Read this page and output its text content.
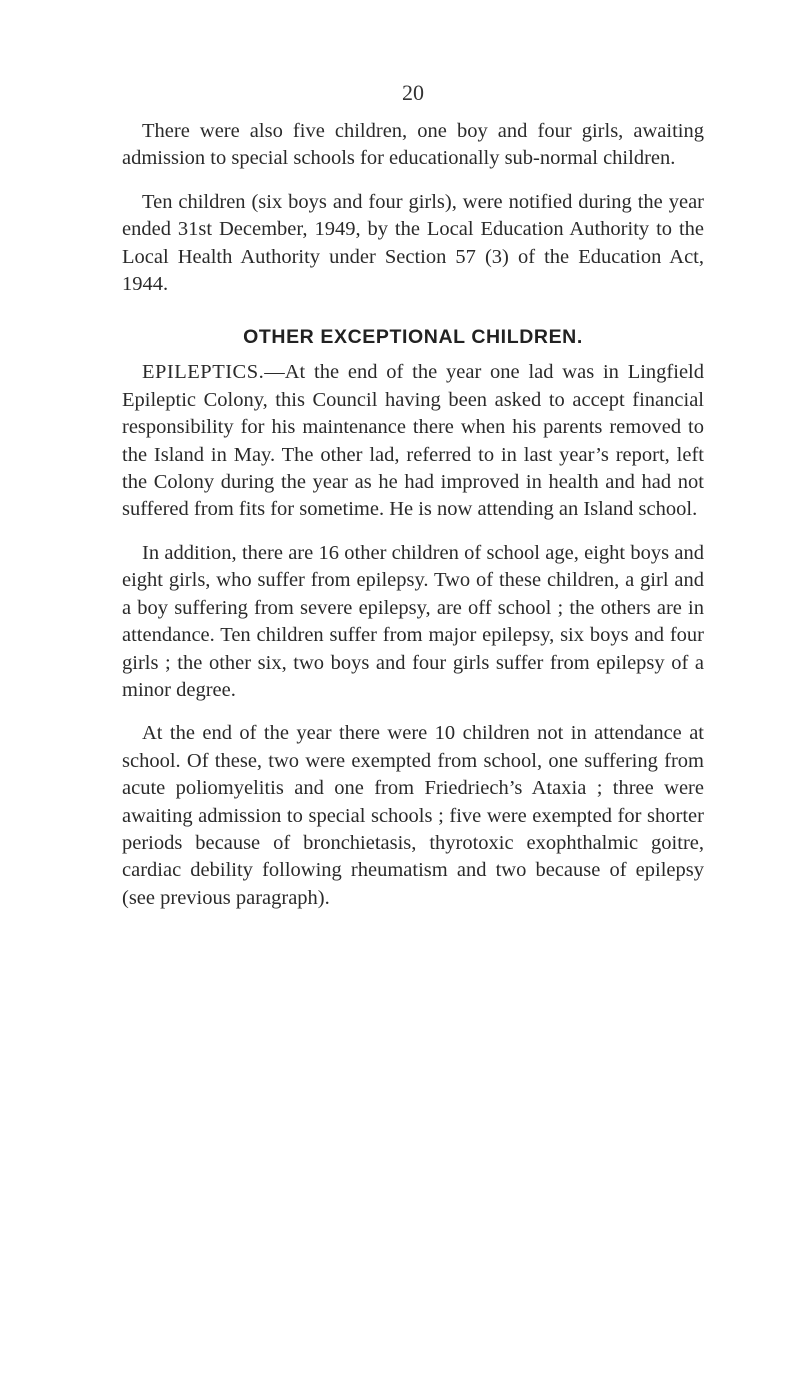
20

There were also five children, one boy and four girls, awaiting admission to special schools for educationally sub-normal children.

Ten children (six boys and four girls), were notified during the year ended 31st December, 1949, by the Local Education Authority to the Local Health Authority under Section 57 (3) of the Education Act, 1944.

OTHER EXCEPTIONAL CHILDREN.

EPILEPTICS.—At the end of the year one lad was in Lingfield Epileptic Colony, this Council having been asked to accept financial responsibility for his maintenance there when his parents removed to the Island in May. The other lad, referred to in last year’s report, left the Colony during the year as he had improved in health and had not suffered from fits for sometime. He is now attending an Island school.

In addition, there are 16 other children of school age, eight boys and eight girls, who suffer from epilepsy. Two of these children, a girl and a boy suffering from severe epilepsy, are off school ; the others are in attendance. Ten children suffer from major epilepsy, six boys and four girls ; the other six, two boys and four girls suffer from epilepsy of a minor degree.

At the end of the year there were 10 children not in attendance at school. Of these, two were exempted from school, one suffering from acute poliomyelitis and one from Friedriech’s Ataxia ; three were awaiting admission to special schools ; five were exempted for shorter periods because of bronchietasis, thyrotoxic exophthalmic goitre, cardiac debility following rheumatism and two because of epilepsy (see previous paragraph).
